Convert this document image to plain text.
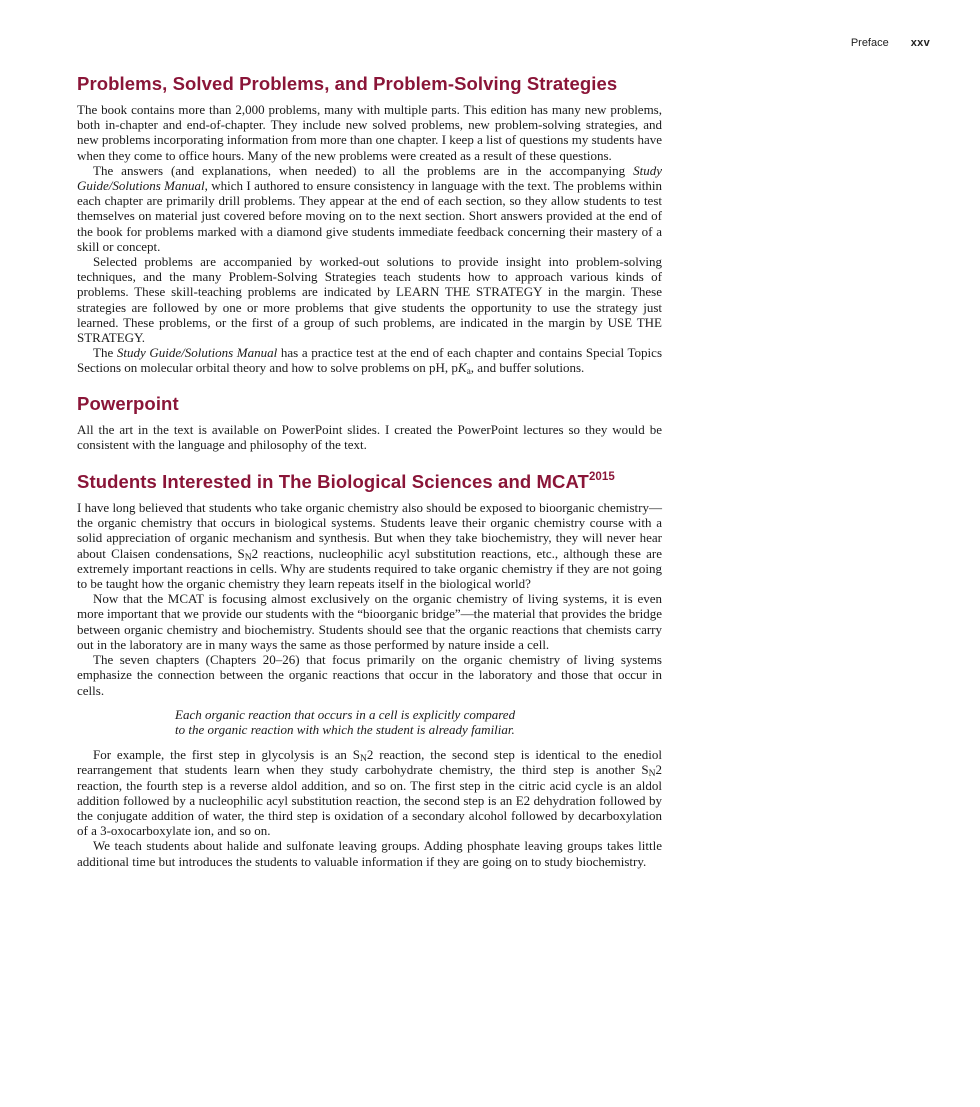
Preface xxv
Problems, Solved Problems, and Problem-Solving Strategies

The book contains more than 2,000 problems, many with multiple parts. This edition has many new problems, both in-chapter and end-of-chapter. They include new solved problems, new problem-solving strategies, and new problems incorporating information from more than one chapter. I keep a list of questions my students have when they come to office hours. Many of the new problems were created as a result of these questions.

The answers (and explanations, when needed) to all the problems are in the accompanying Study Guide/Solutions Manual, which I authored to ensure consistency in language with the text. The problems within each chapter are primarily drill problems. They appear at the end of each section, so they allow students to test themselves on material just covered before moving on to the next section. Short answers provided at the end of the book for problems marked with a diamond give students immediate feedback concerning their mastery of a skill or concept.

Selected problems are accompanied by worked-out solutions to provide insight into problem-solving techniques, and the many Problem-Solving Strategies teach students how to approach various kinds of problems. These skill-teaching problems are indicated by LEARN THE STRATEGY in the margin. These strategies are followed by one or more problems that give students the opportunity to use the strategy just learned. These problems, or the first of a group of such problems, are indicated in the margin by USE THE STRATEGY.

The Study Guide/Solutions Manual has a practice test at the end of each chapter and contains Special Topics Sections on molecular orbital theory and how to solve problems on pH, $pK_a$, and buffer solutions.

Powerpoint

All the art in the text is available on PowerPoint slides. I created the PowerPoint lectures so they would be consistent with the language and philosophy of the text.

Students Interested in The Biological Sciences and $MCAT^{2015}$

I have long believed that students who take organic chemistry also should be exposed to bioorganic chemistry—the organic chemistry that occurs in biological systems. Students leave their organic chemistry course with a solid appreciation of organic mechanism and synthesis. But when they take biochemistry, they will never hear about Claisen condensations, $S_N2$ reactions, nucleophilic acyl substitution reactions, etc., although these are extremely important reactions in cells. Why are students required to take organic chemistry if they are not going to be taught how the organic chemistry they learn repeats itself in the biological world?

Now that the MCAT is focusing almost exclusively on the organic chemistry of living systems, it is even more important that we provide our students with the “bioorganic bridge”—the material that provides the bridge between organic chemistry and biochemistry. Students should see that the organic reactions that chemists carry out in the laboratory are in many ways the same as those performed by nature inside a cell.

The seven chapters (Chapters 20–26) that focus primarily on the organic chemistry of living systems emphasize the connection between the organic reactions that occur in the laboratory and those that occur in cells.

Each organic reaction that occurs in a cell is explicitly compared
to the organic reaction with which the student is already familiar.

For example, the first step in glycolysis is an $S_N2$ reaction, the second step is identical to the enediol rearrangement that students learn when they study carbohydrate chemistry, the third step is another $S_N2$ reaction, the fourth step is a reverse aldol addition, and so on. The first step in the citric acid cycle is an aldol addition followed by a nucleophilic acyl substitution reaction, the second step is an E2 dehydration followed by the conjugate addition of water, the third step is oxidation of a secondary alcohol followed by decarboxylation of a 3-oxocarboxylate ion, and so on.

We teach students about halide and sulfonate leaving groups. Adding phosphate leaving groups takes little additional time but introduces the students to valuable information if they are going on to study biochemistry.
